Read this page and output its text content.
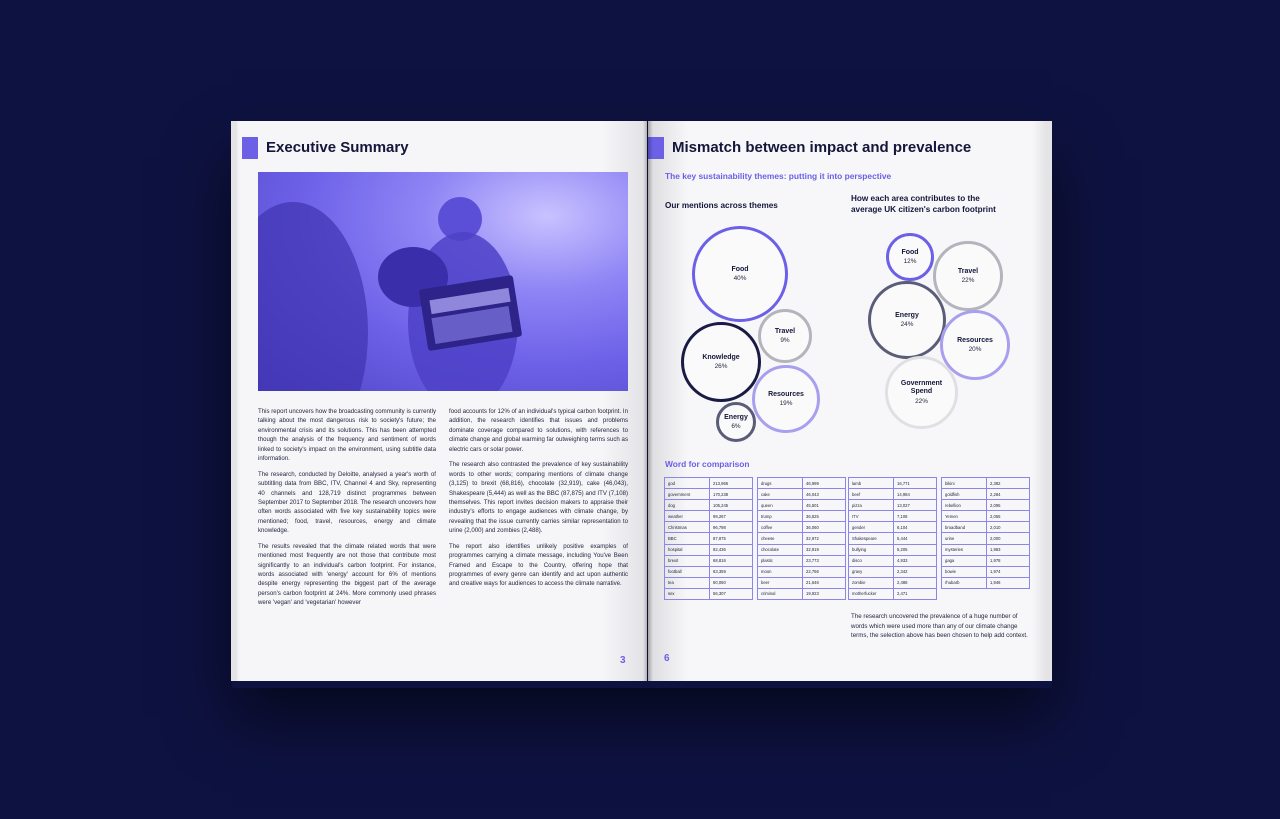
Executive Summary

This report uncovers how the broadcasting community is currently talking about the most dangerous risk to society's future; the environmental crisis and its solutions. This has been attempted though the analysis of the frequency and sentiment of words linked to society's impact on the environment, using subtitle data information.

The research, conducted by Deloitte, analysed a year's worth of subtitling data from BBC, ITV, Channel 4 and Sky, representing 40 channels and 128,719 distinct programmes between September 2017 to September 2018. The research uncovers how often words associated with five key sustainability topics were mentioned; food, travel, resources, energy and climate knowledge.

The results revealed that the climate related words that were mentioned most frequently are not those that contribute most significantly to an individual's carbon footprint. For instance, words associated with 'energy' account for 6% of mentions despite energy representing the biggest part of the average person's carbon footprint at 24%. More commonly used phrases were 'vegan' and 'vegetarian' however

food accounts for 12% of an individual's typical carbon footprint. In addition, the research identifies that issues and problems dominate coverage compared to solutions, with references to climate change and global warming far outweighing terms such as electric cars or solar power.

The research also contrasted the prevalence of key sustainability words to other words; comparing mentions of climate change (3,125) to brexit (68,816), chocolate (32,919), cake (46,043), Shakespeare (5,444) as well as the BBC (87,875) and ITV (7,108) themselves. This report invites decision makers to appraise their industry's efforts to engage audiences with climate change, by revealing that the issue currently carries similar representation to urine (2,000) and zombies (2,488).

The report also identifies unlikely positive examples of programmes carrying a climate message, including You've Been Framed and Escape to the Country, offering hope that programmes of every genre can identify and act upon authentic and creative ways for audiences to access the climate narrative.

3
Mismatch between impact and prevalence
The key sustainability themes: putting it into perspective
Our mentions across themes
How each area contributes to the
average UK citizen's carbon footprint
Food
40%
Travel
9%
Knowledge
26%
Resources
19%
Energy
6%
Food
12%
Travel
22%
Energy
24%
Resources
20%
Government Spend
22%
Word for comparison
god	213,966
government	170,238
dog	105,245
weather	99,267
Christmas	96,798
BBC	87,875
hospital	82,436
brexit	68,816
football	63,359
tea	60,060
sex	56,307
drugs	46,999
cake	46,043
queen	45,501
trump	36,825
coffee	36,060
cheese	32,972
chocolate	32,919
plastic	23,773
moon	22,756
beer	21,646
criminal	19,923
lamb	16,771
beef	14,984
pizza	13,027
ITV	7,108
gender	6,104
Shakespeare	5,444
bullying	5,205
disco	4,933
gravy	2,342
zombie	2,488
motherfucker	2,471
bikini	2,382
goldfish	2,284
rebellion	2,095
Yemen	2,055
broadband	2,010
urine	2,000
mysteries	1,983
gaga	1,978
bowie	1,974
rhubarb	1,946
The research uncovered the prevalence of a huge number of words which were used more than any of our climate change terms, the selection above has been chosen to help add context.
6
